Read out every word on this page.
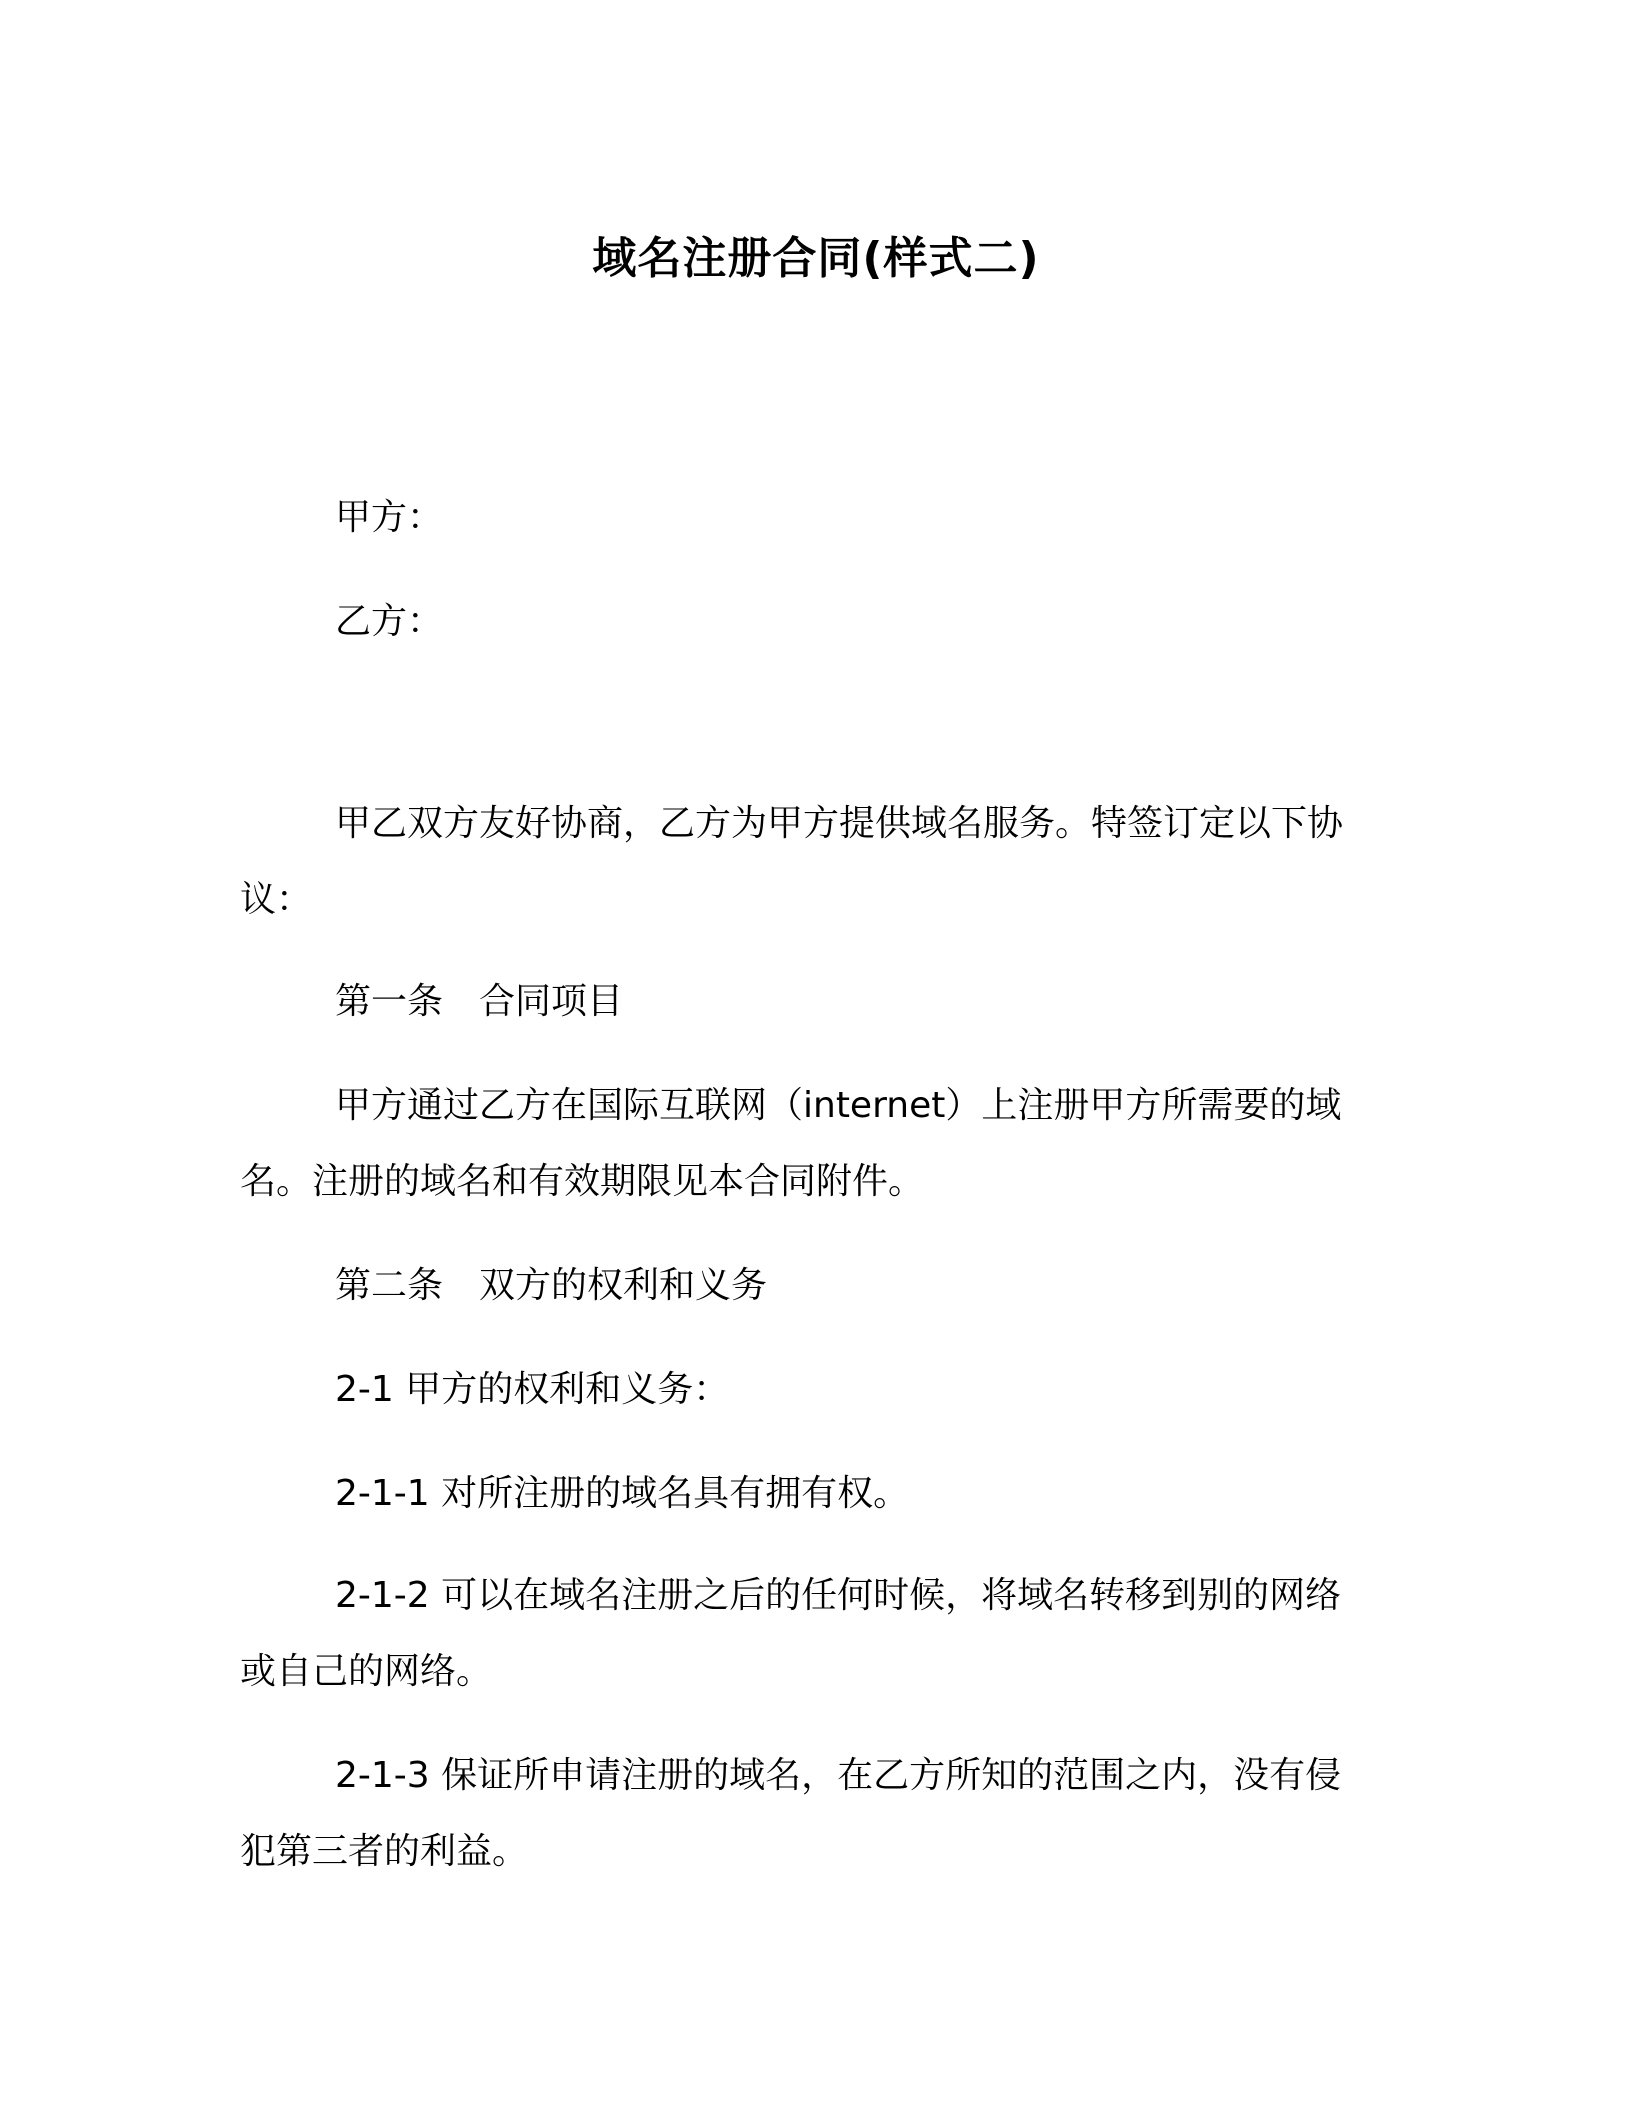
域名注册合同(样式二)
甲方：
乙方：
甲乙双方友好协商，乙方为甲方提供域名服务。特签订定以下协
议：
第一条　合同项目
甲方通过乙方在国际互联网（internet）上注册甲方所需要的域
名。注册的域名和有效期限见本合同附件。
第二条　双方的权利和义务
2-1 甲方的权利和义务：
2-1-1 对所注册的域名具有拥有权。
2-1-2 可以在域名注册之后的任何时候，将域名转移到别的网络
或自己的网络。
2-1-3 保证所申请注册的域名，在乙方所知的范围之内，没有侵
犯第三者的利益。
